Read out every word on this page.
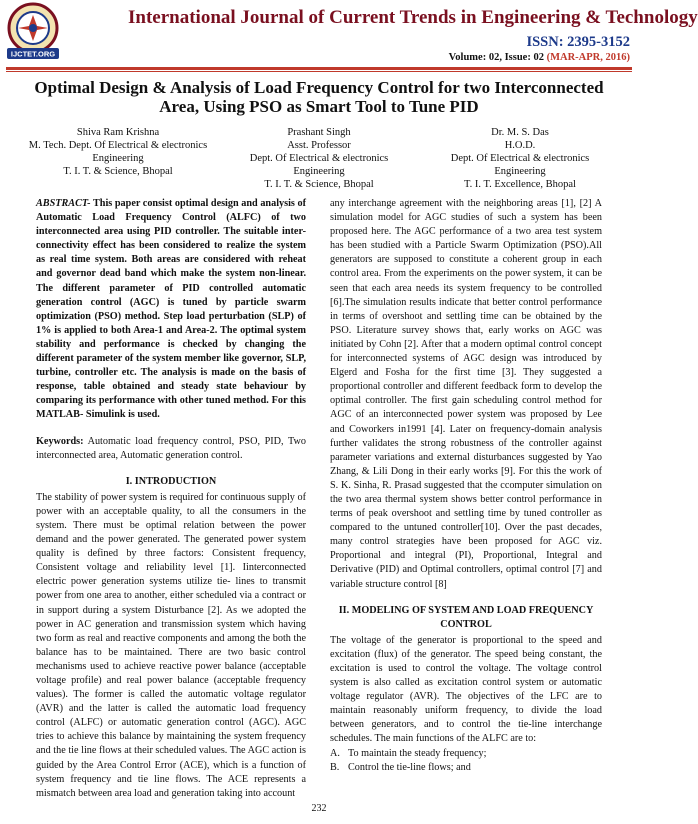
IJCTET.ORG
International Journal of Current Trends in Engineering & Technology
ISSN: 2395-3152
Volume: 02, Issue: 02 (MAR-APR, 2016)
Optimal Design & Analysis of Load Frequency Control for two Interconnected Area, Using PSO as Smart Tool to Tune PID
Shiva Ram Krishna
M. Tech. Dept. Of Electrical & electronics
Engineering
T. I. T. & Science, Bhopal
Prashant Singh
Asst. Professor
Dept. Of Electrical & electronics
Engineering
T. I. T. & Science, Bhopal
Dr. M. S. Das
H.O.D.
Dept. Of Electrical & electronics
Engineering
T. I. T. Excellence, Bhopal

ABSTRACT- This paper consist optimal design and analysis of Automatic Load Frequency Control (ALFC) of two interconnected area using PID controller. The suitable inter-connectivity effect has been considered to realize the system as real time system. Both areas are considered with reheat and governor dead band which make the system non-linear. The different parameter of PID controlled automatic generation control (AGC) is tuned by particle swarm optimization (PSO) method. Step load perturbation (SLP) of 1% is applied to both Area-1 and Area-2. The optimal system stability and performance is checked by changing the different parameter of the system member like governor, SLP, turbine, controller etc. The analysis is made on the basis of response, table obtained and steady state behaviour by comparing its performance with other tuned method. For this MATLAB- Simulink is used.

Keywords: Automatic load frequency control, PSO, PID, Two interconnected area, Automatic generation control.

I. INTRODUCTION

The stability of power system is required for continuous supply of power with an acceptable quality, to all the consumers in the system. There must be optimal relation between the power demand and the power generated. The generated power system quality is defined by three factors: Consistent frequency, Consistent voltage and reliability level [1]. Iinterconnected electric power generation systems utilize tie- lines to transmit power from one area to another, either scheduled via a contract or in support during a system Disturbance [2]. As we adopted the power in AC generation and transmission system which having two form as real and reactive components and among the both the balance has to be maintained. There are two basic control mechanisms used to achieve reactive power balance (acceptable voltage profile) and real power balance (acceptable frequency values). The former is called the automatic voltage regulator (AVR) and the latter is called the automatic load frequency control (ALFC) or automatic generation control (AGC). AGC tries to achieve this balance by maintaining the system frequency and the tie line flows at their scheduled values. The AGC action is guided by the Area Control Error (ACE), which is a function of system frequency and tie line flows. The ACE represents a mismatch between area load and generation taking into account

any interchange agreement with the neighboring areas [1], [2] A simulation model for AGC studies of such a system has been proposed here. The AGC performance of a two area test system has been studied with a Particle Swarm Optimization (PSO).All generators are supposed to constitute a coherent group in each control area. From the experiments on the power system, it can be seen that each area needs its system frequency to be controlled [6].The simulation results indicate that better control performance in terms of overshoot and settling time can be obtained by the PSO. Literature survey shows that, early works on AGC was initiated by Cohn [2]. After that a modern optimal control concept for interconnected systems of AGC design was introduced by Elgerd and Fosha for the first time [3]. They suggested a proportional controller and different feedback form to develop the optimal controller. The first gain scheduling control method for AGC of an interconnected power system was proposed by Lee and Coworkers in1991 [4]. Later on frequency-domain analysis further validates the strong robustness of the controller against parameter variations and external disturbances suggested by Yao Zhang, & Lili Dong in their early works [9]. For this the work of S. K. Sinha, R. Prasad suggested that the ccomputer simulation on the two area thermal system shows better control performance in terms of peak overshoot and settling time by tuned controller as compared to the untuned controller[10]. Over the past decades, many control strategies have been proposed for AGC viz. Proportional and integral (PI), Proportional, Integral and Derivative (PID) and Optimal controllers, optimal control [7] and variable structure control [8]

II. MODELING OF SYSTEM AND LOAD FREQUENCY CONTROL

The voltage of the generator is proportional to the speed and excitation (flux) of the generator. The speed being constant, the excitation is used to control the voltage. The voltage control system is also called as excitation control system or automatic voltage regulator (AVR). The objectives of the LFC are to maintain reasonably uniform frequency, to divide the load between generators, and to control the tie-line interchange schedules. The main functions of the ALFC are to:

A. To maintain the steady frequency;
B. Control the tie-line flows; and
232
